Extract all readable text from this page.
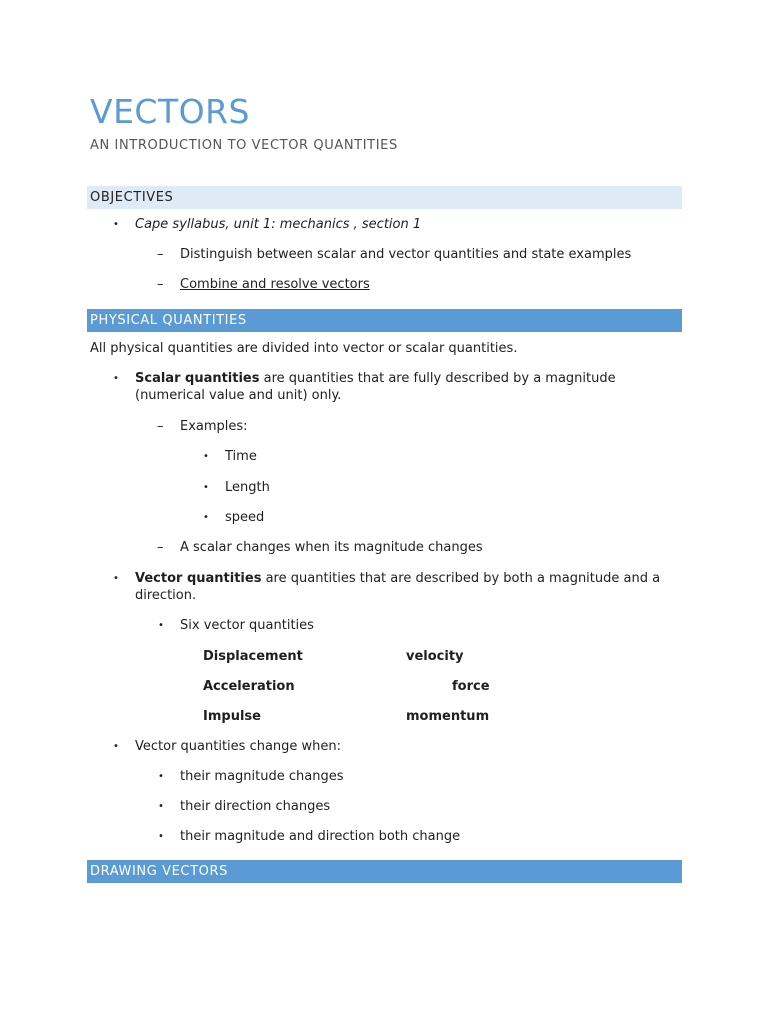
VECTORS

AN INTRODUCTION TO VECTOR QUANTITIES

OBJECTIVES
• Cape syllabus, unit 1: mechanics , section 1

– Distinguish between scalar and vector quantities and state examples

– Combine and resolve vectors

PHYSICAL QUANTITIES

All physical quantities are divided into vector or scalar quantities.

• Scalar quantities are quantities that are fully described by a magnitude (numerical value and unit) only.

– Examples:

• Time

• Length

• speed

– A scalar changes when its magnitude changes

• Vector quantities are quantities that are described by both a magnitude and a direction.

• Six vector quantities

Displacement	velocity

Acceleration	force

Impulse	momentum

• Vector quantities change when:

• their magnitude changes

• their direction changes

• their magnitude and direction both change

DRAWING VECTORS
